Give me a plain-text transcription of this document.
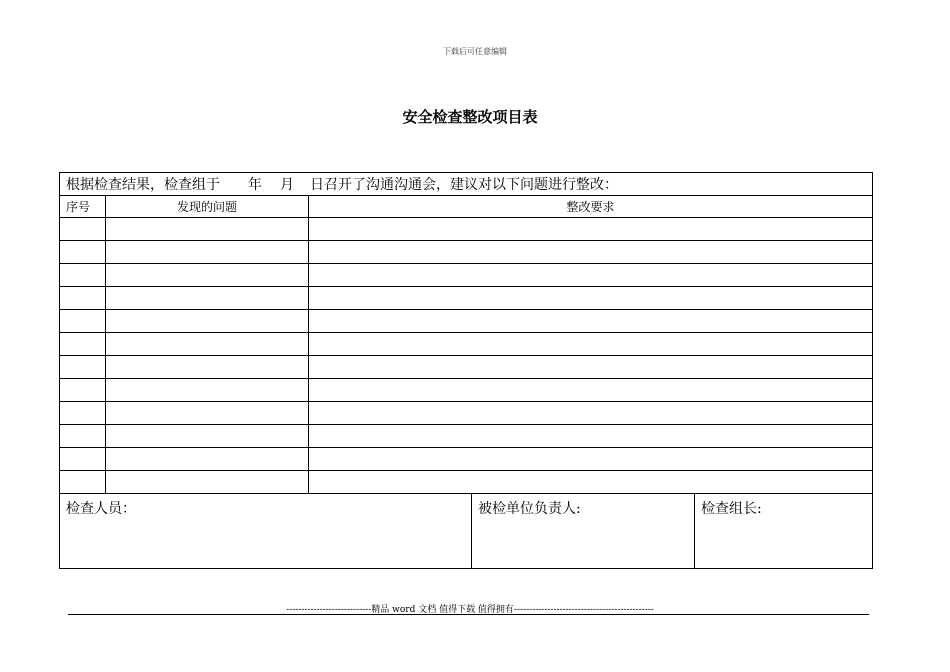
下载后可任意编辑
安全检查整改项目表
根据检查结果，检查组于 年 月 日召开了沟通沟通会，建议对以下问题进行整改：				
序号	发现的问题	整改要求		

检查人员：			被检单位负责人:	检查组长:
----------------------------精品 word 文档 值得下载 值得拥有----------------------------------------------
